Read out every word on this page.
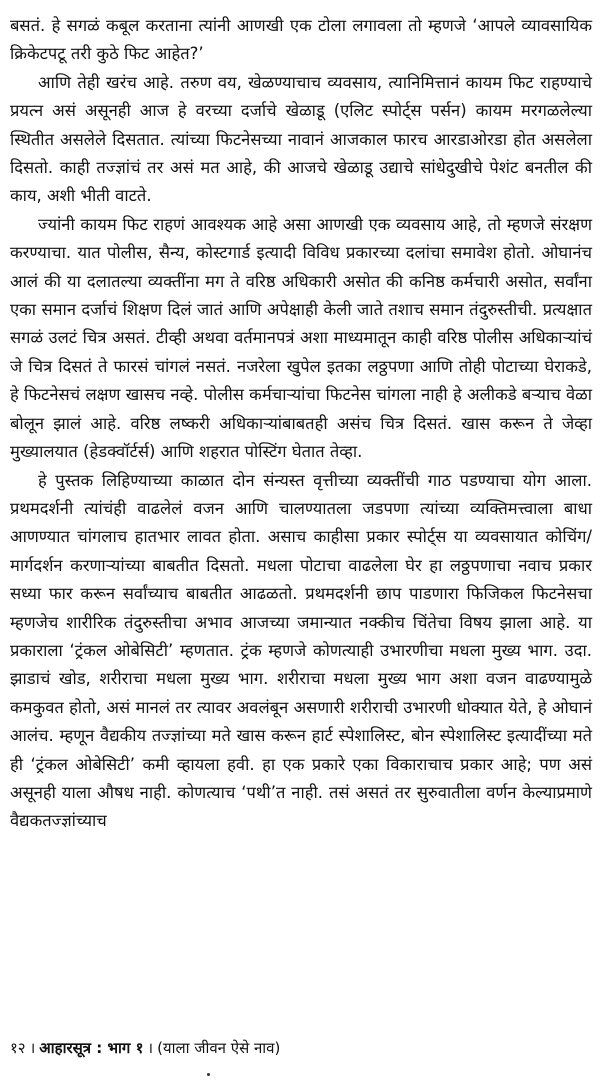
बसतं. हे सगळं कबूल करताना त्यांनी आणखी एक टोला लगावला तो म्हणजे ‘आपले व्यावसायिक क्रिकेटपटू तरी कुठे फिट आहेत?’

आणि तेही खरंच आहे. तरुण वय, खेळण्याचाच व्यवसाय, त्यानिमित्तानं कायम फिट राहण्याचे प्रयत्न असं असूनही आज हे वरच्या दर्जाचे खेळाडू (एलिट स्पोर्ट्स पर्सन) कायम मरगळलेल्या स्थितीत असलेले दिसतात. त्यांच्या फिटनेसच्या नावानं आजकाल फारच आरडाओरडा होत असलेला दिसतो. काही तज्ज्ञांचं तर असं मत आहे, की आजचे खेळाडू उद्याचे सांधेदुखीचे पेशंट बनतील की काय, अशी भीती वाटते.

ज्यांनी कायम फिट राहणं आवश्यक आहे असा आणखी एक व्यवसाय आहे, तो म्हणजे संरक्षण करण्याचा. यात पोलीस, सैन्य, कोस्टगार्ड इत्यादी विविध प्रकारच्या दलांचा समावेश होतो. ओघानंच आलं की या दलातल्या व्यक्तींना मग ते वरिष्ठ अधिकारी असोत की कनिष्ठ कर्मचारी असोत, सर्वांना एका समान दर्जाचं शिक्षण दिलं जातं आणि अपेक्षाही केली जाते तशाच समान तंदुरुस्तीची. प्रत्यक्षात सगळं उलटं चित्र असतं. टीव्ही अथवा वर्तमानपत्रं अशा माध्यमातून काही वरिष्ठ पोलीस अधिकाऱ्यांचं जे चित्र दिसतं ते फारसं चांगलं नसतं. नजरेला खुपेल इतका लठ्ठपणा आणि तोही पोटाच्या घेराकडे, हे फिटनेसचं लक्षण खासच नव्हे. पोलीस कर्मचाऱ्यांचा फिटनेस चांगला नाही हे अलीकडे बऱ्याच वेळा बोलून झालं आहे. वरिष्ठ लष्करी अधिकाऱ्यांबाबतही असंच चित्र दिसतं. खास करून ते जेव्हा मुख्यालयात (हेडक्वॉर्टर्स) आणि शहरात पोस्टिंग घेतात तेव्हा.

हे पुस्तक लिहिण्याच्या काळात दोन संन्यस्त वृत्तीच्या व्यक्तींची गाठ पडण्याचा योग आला. प्रथमदर्शनी त्यांचंही वाढलेलं वजन आणि चालण्यातला जडपणा त्यांच्या व्यक्तिमत्त्वाला बाधा आणण्यात चांगलाच हातभार लावत होता. असाच काहीसा प्रकार स्पोर्ट्स या व्यवसायात कोचिंग/मार्गदर्शन करणाऱ्यांच्या बाबतीत दिसतो. मधला पोटाचा वाढलेला घेर हा लठ्ठपणाचा नवाच प्रकार सध्या फार करून सर्वांच्याच बाबतीत आढळतो. प्रथमदर्शनी छाप पाडणारा फिजिकल फिटनेसचा म्हणजेच शारीरिक तंदुरुस्तीचा अभाव आजच्या जमान्यात नक्कीच चिंतेचा विषय झाला आहे. या प्रकाराला ‘ट्रंकल ओबेसिटी’ म्हणतात. ट्रंक म्हणजे कोणत्याही उभारणीचा मधला मुख्य भाग. उदा. झाडाचं खोड, शरीराचा मधला मुख्य भाग. शरीराचा मधला मुख्य भाग अशा वजन वाढण्यामुळे कमकुवत होतो, असं मानलं तर त्यावर अवलंबून असणारी शरीराची उभारणी धोक्यात येते, हे ओघानं आलंच. म्हणून वैद्यकीय तज्ज्ञांच्या मते खास करून हार्ट स्पेशालिस्ट, बोन स्पेशालिस्ट इत्यादींच्या मते ही ‘ट्रंकल ओबेसिटी’ कमी व्हायला हवी. हा एक प्रकारे एका विकाराचाच प्रकार आहे; पण असं असूनही याला औषध नाही. कोणत्याच ‘पथी’त नाही. तसं असतं तर सुरुवातीला वर्णन केल्याप्रमाणे वैद्यकतज्ज्ञांच्याच

१२ । आहारसूत्र : भाग १ । (याला जीवन ऐसे नाव)
